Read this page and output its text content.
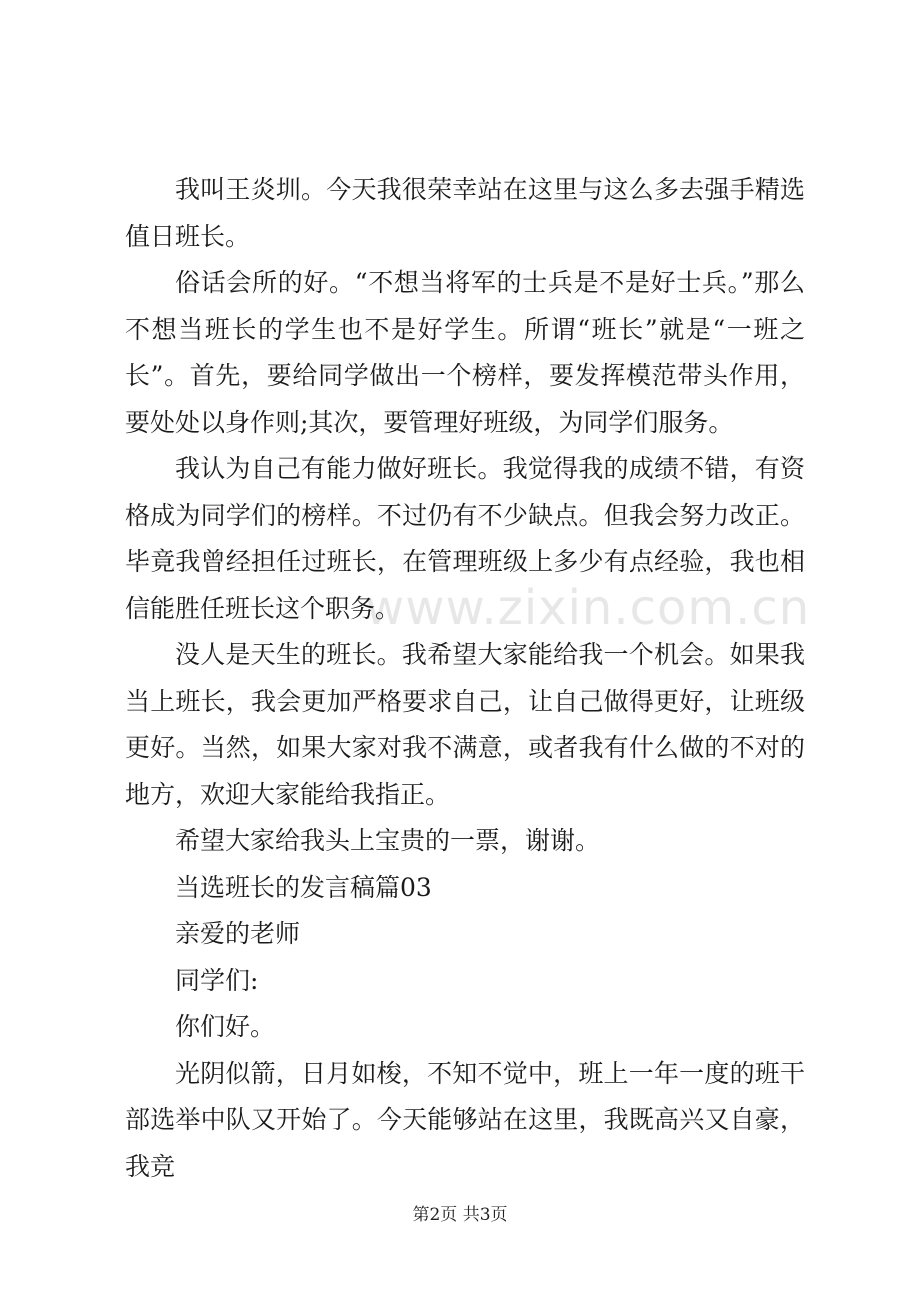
www.zixin.com.cn

我叫王炎圳。今天我很荣幸站在这里与这么多去强手精选值日班长。

俗话会所的好。“不想当将军的士兵是不是好士兵。”那么不想当班长的学生也不是好学生。所谓“班长”就是“一班之长”。首先，要给同学做出一个榜样，要发挥模范带头作用，要处处以身作则;其次，要管理好班级，为同学们服务。

我认为自己有能力做好班长。我觉得我的成绩不错，有资格成为同学们的榜样。不过仍有不少缺点。但我会努力改正。毕竟我曾经担任过班长，在管理班级上多少有点经验，我也相信能胜任班长这个职务。

没人是天生的班长。我希望大家能给我一个机会。如果我当上班长，我会更加严格要求自己，让自己做得更好，让班级更好。当然，如果大家对我不满意，或者我有什么做的不对的地方，欢迎大家能给我指正。

希望大家给我头上宝贵的一票，谢谢。

当选班长的发言稿篇03

亲爱的老师

同学们:

你们好。

光阴似箭，日月如梭，不知不觉中，班上一年一度的班干部选举中队又开始了。今天能够站在这里，我既高兴又自豪，我竞

第2页 共3页
